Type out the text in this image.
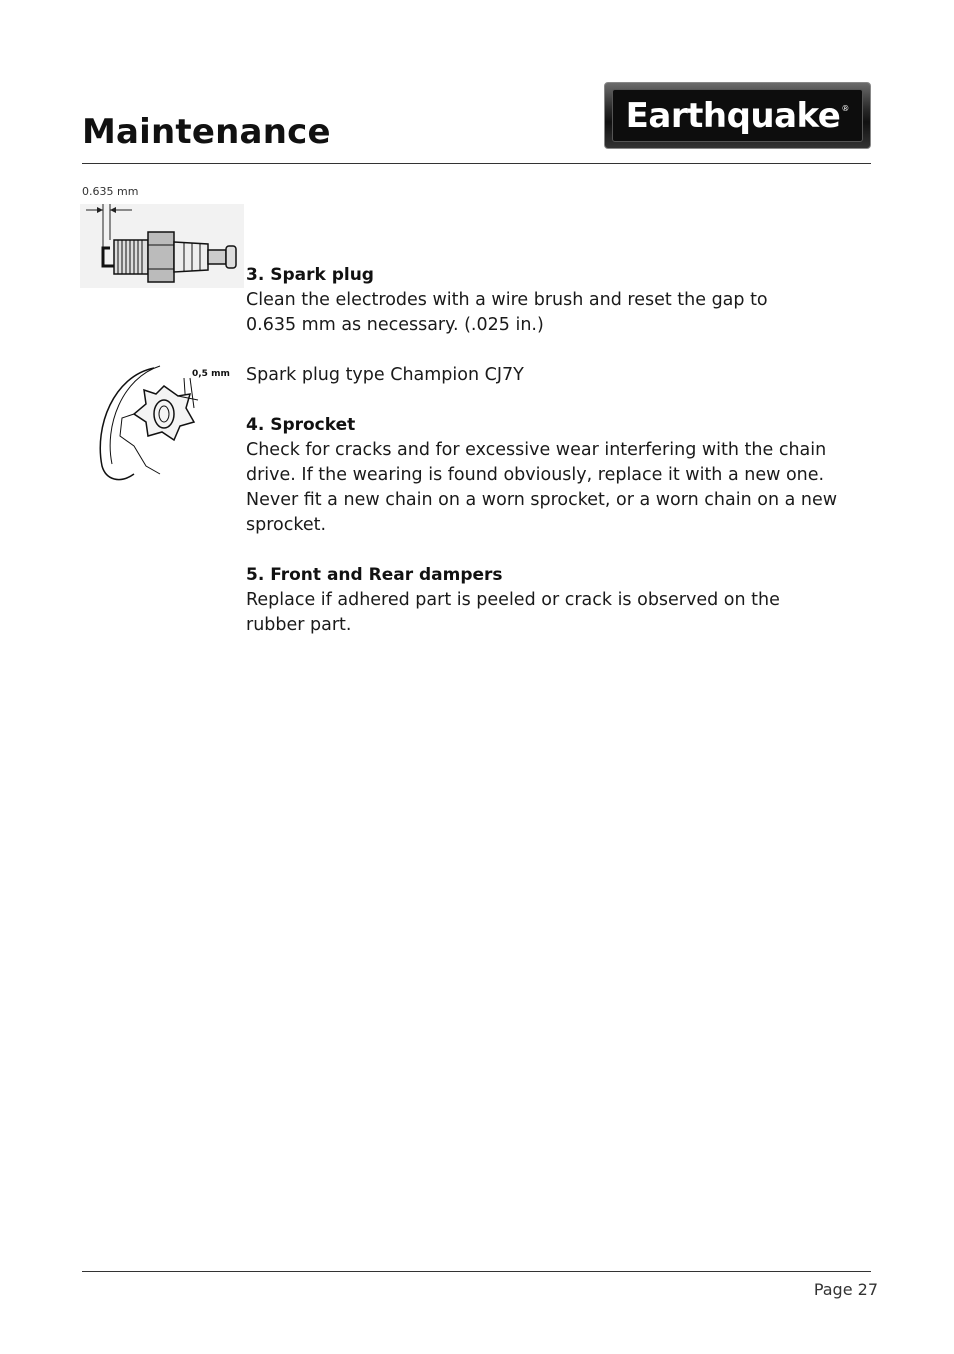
Maintenance	Earthquake ®
0.635 mm
0,5 mm

3. Spark plug

Clean the electrodes with a wire brush and reset the gap to

0.635 mm as necessary. (.025 in.)

Spark plug type Champion CJ7Y

4. Sprocket

Check for cracks and for excessive wear interfering with the chain

drive. If the wearing is found obviously, replace it with a new one.

Never fit a new chain on a worn sprocket, or a worn chain on a new

sprocket.

5. Front and Rear dampers

Replace if adhered part is peeled or crack is observed on the

rubber part.

Page 27
